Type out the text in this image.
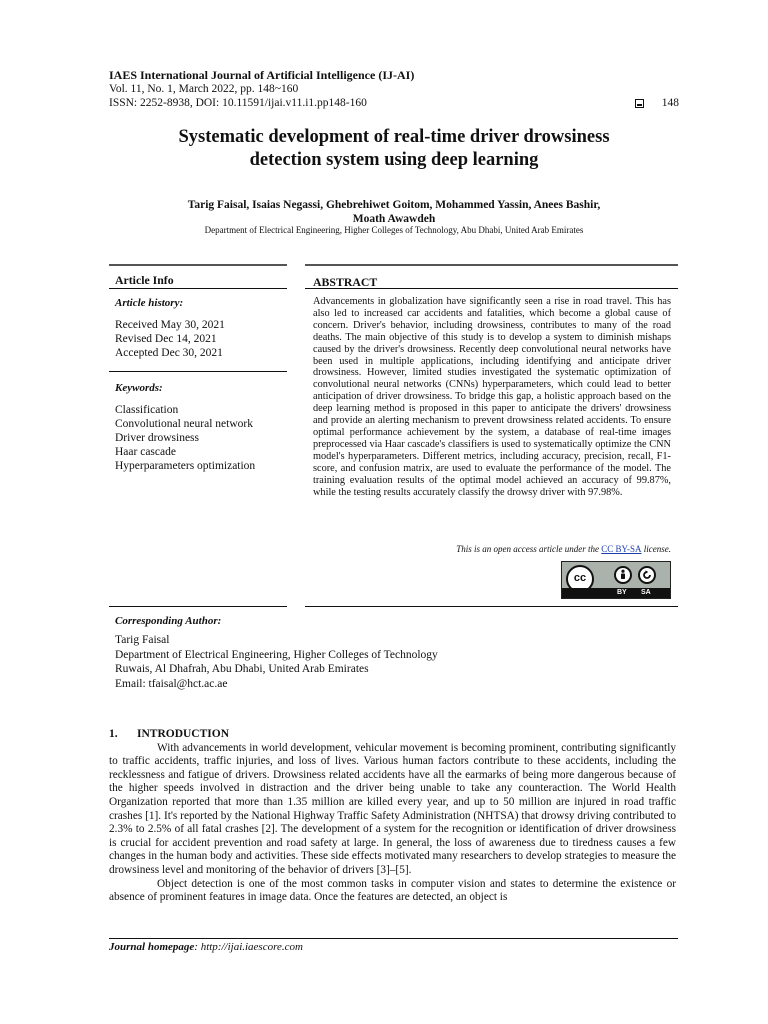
IAES International Journal of Artificial Intelligence (IJ-AI)
Vol. 11, No. 1, March 2022, pp. 148~160
ISSN: 2252-8938, DOI: 10.11591/ijai.v11.i1.pp148-160	148
Systematic development of real-time driver drowsiness
detection system using deep learning
Tarig Faisal, Isaias Negassi, Ghebrehiwet Goitom, Mohammed Yassin, Anees Bashir,
Moath Awawdeh
Department of Electrical Engineering, Higher Colleges of Technology, Abu Dhabi, United Arab Emirates
Article Info
Article history:
Received May 30, 2021
Revised Dec 14, 2021
Accepted Dec 30, 2021
Keywords:
Classification
Convolutional neural network
Driver drowsiness
Haar cascade
Hyperparameters optimization
ABSTRACT
Advancements in globalization have significantly seen a rise in road travel. This has also led to increased car accidents and fatalities, which become a global cause of concern. Driver's behavior, including drowsiness, contributes to many of the road deaths. The main objective of this study is to develop a system to diminish mishaps caused by the driver's drowsiness. Recently deep convolutional neural networks have been used in multiple applications, including identifying and anticipate driver drowsiness. However, limited studies investigated the systematic optimization of convolutional neural networks (CNNs) hyperparameters, which could lead to better anticipation of driver drowsiness. To bridge this gap, a holistic approach based on the deep learning method is proposed in this paper to anticipate the drivers' drowsiness and provide an alerting mechanism to prevent drowsiness related accidents. To ensure optimal performance achievement by the system, a database of real-time images preprocessed via Haar cascade's classifiers is used to systematically optimize the CNN model's hyperparameters. Different metrics, including accuracy, precision, recall, F1-score, and confusion matrix, are used to evaluate the performance of the model. The training evaluation results of the optimal model achieved an accuracy of 99.87%, while the testing results accurately classify the drowsy driver with 97.98%.
This is an open access article under the CC BY-SA license.
cc
BY SA
Corresponding Author:
Tarig Faisal
Department of Electrical Engineering, Higher Colleges of Technology
Ruwais, Al Dhafrah, Abu Dhabi, United Arab Emirates
Email: tfaisal@hct.ac.ae
1. INTRODUCTION

With advancements in world development, vehicular movement is becoming prominent, contributing significantly to traffic accidents, traffic injuries, and loss of lives. Various human factors contribute to these accidents, including the recklessness and fatigue of drivers. Drowsiness related accidents have all the earmarks of being more dangerous because of the higher speeds involved in distraction and the driver being unable to take any counteraction. The World Health Organization reported that more than 1.35 million are killed every year, and up to 50 million are injured in road traffic crashes [1]. It's reported by the National Highway Traffic Safety Administration (NHTSA) that drowsy driving contributed to 2.3% to 2.5% of all fatal crashes [2]. The development of a system for the recognition or identification of driver drowsiness is crucial for accident prevention and road safety at large. In general, the loss of awareness due to tiredness causes a few changes in the human body and activities. These side effects motivated many researchers to develop strategies to measure the drowsiness level and monitoring of the behavior of drivers [3]–[5].

Object detection is one of the most common tasks in computer vision and states to determine the existence or absence of prominent features in image data. Once the features are detected, an object is

Journal homepage: http://ijai.iaescore.com
